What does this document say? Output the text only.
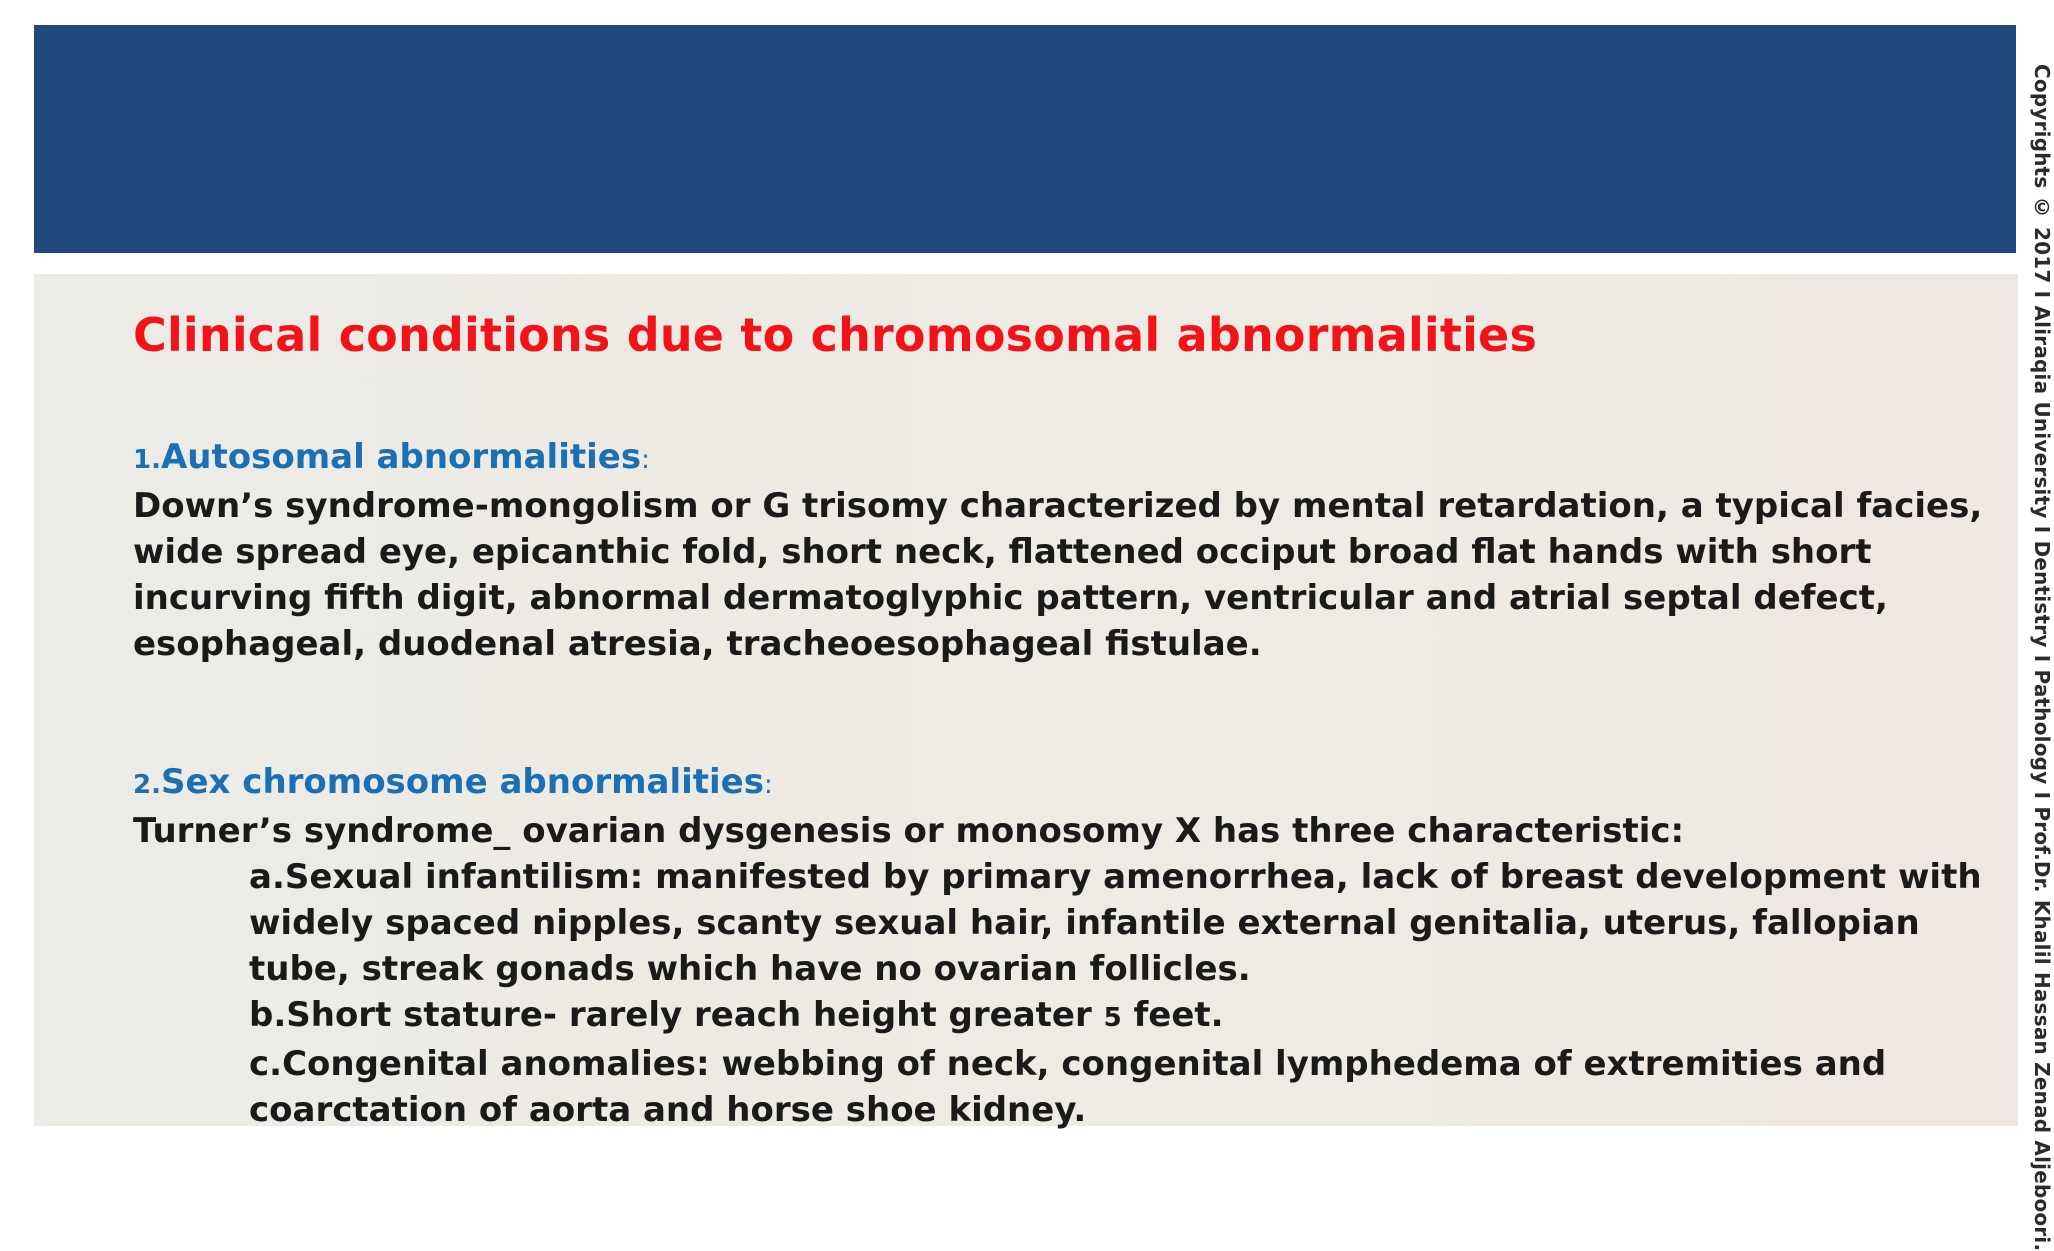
Clinical conditions due to chromosomal abnormalities

1.Autosomal abnormalities:

Down’s syndrome-mongolism or G trisomy characterized by mental retardation, a typical facies, wide spread eye, epicanthic fold, short neck, flattened occiput broad flat hands with short incurving fifth digit, abnormal dermatoglyphic pattern, ventricular and atrial septal defect, esophageal, duodenal atresia, tracheoesophageal fistulae.

2.Sex chromosome abnormalities:

Turner’s syndrome_ ovarian dysgenesis or monosomy X has three characteristic:

a.Sexual infantilism: manifested by primary amenorrhea, lack of breast development with widely spaced nipples, scanty sexual hair, infantile external genitalia, uterus, fallopian tube, streak gonads which have no ovarian follicles.

b.Short stature- rarely reach height greater 5 feet.

c.Congenital anomalies: webbing of neck, congenital lymphedema of extremities and coarctation of aorta and horse shoe kidney.	Copyrights © 2017 I Aliraqia University I Dentistry I Pathology I Prof.Dr. Khalil Hassan Zenad Aljeboori.
